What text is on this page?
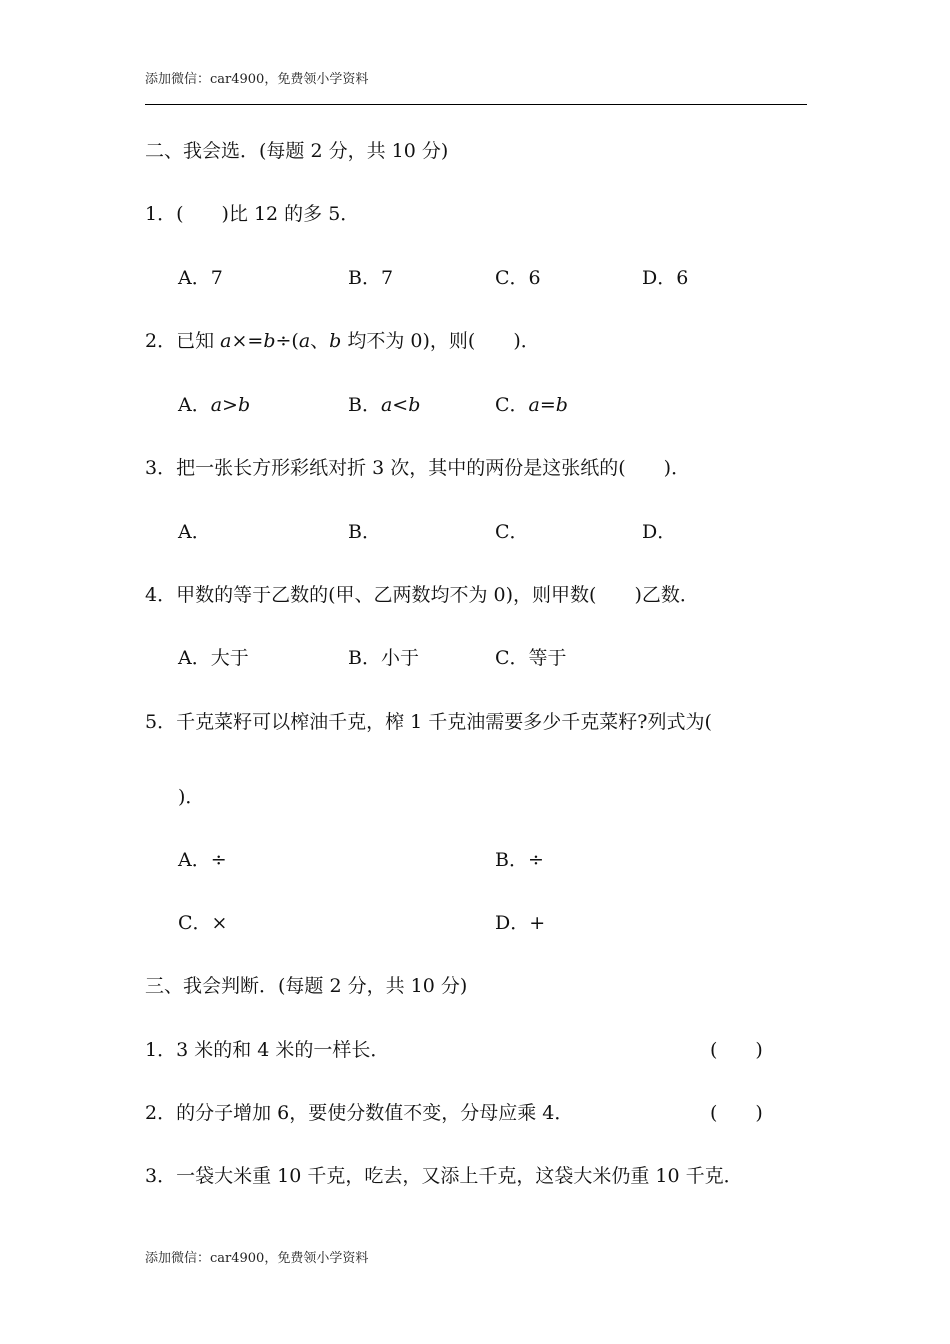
添加微信：car4900，免费领小学资料
二、我会选．(每题 2 分，共 10 分)
1．(　　)比 12 的多 5．
A．7	B．7	C．6	D．6
2．已知 a×=b÷(a、b 均不为 0)，则(　　)．
A．a>b	B．a<b	C．a=b
3．把一张长方形彩纸对折 3 次，其中的两份是这张纸的(　　)．
A．	B．	C．	D．
4．甲数的等于乙数的(甲、乙两数均不为 0)，则甲数(　　)乙数．
A．大于	B．小于	C．等于
5．千克菜籽可以榨油千克，榨 1 千克油需要多少千克菜籽?列式为(
)．
A．÷	B．÷
C．×	D．+
三、我会判断．(每题 2 分，共 10 分)
1．3 米的和 4 米的一样长．	(　　)
2．的分子增加 6，要使分数值不变，分母应乘 4．	(　　)
3．一袋大米重 10 千克，吃去，又添上千克，这袋大米仍重 10 千克．
添加微信：car4900，免费领小学资料
